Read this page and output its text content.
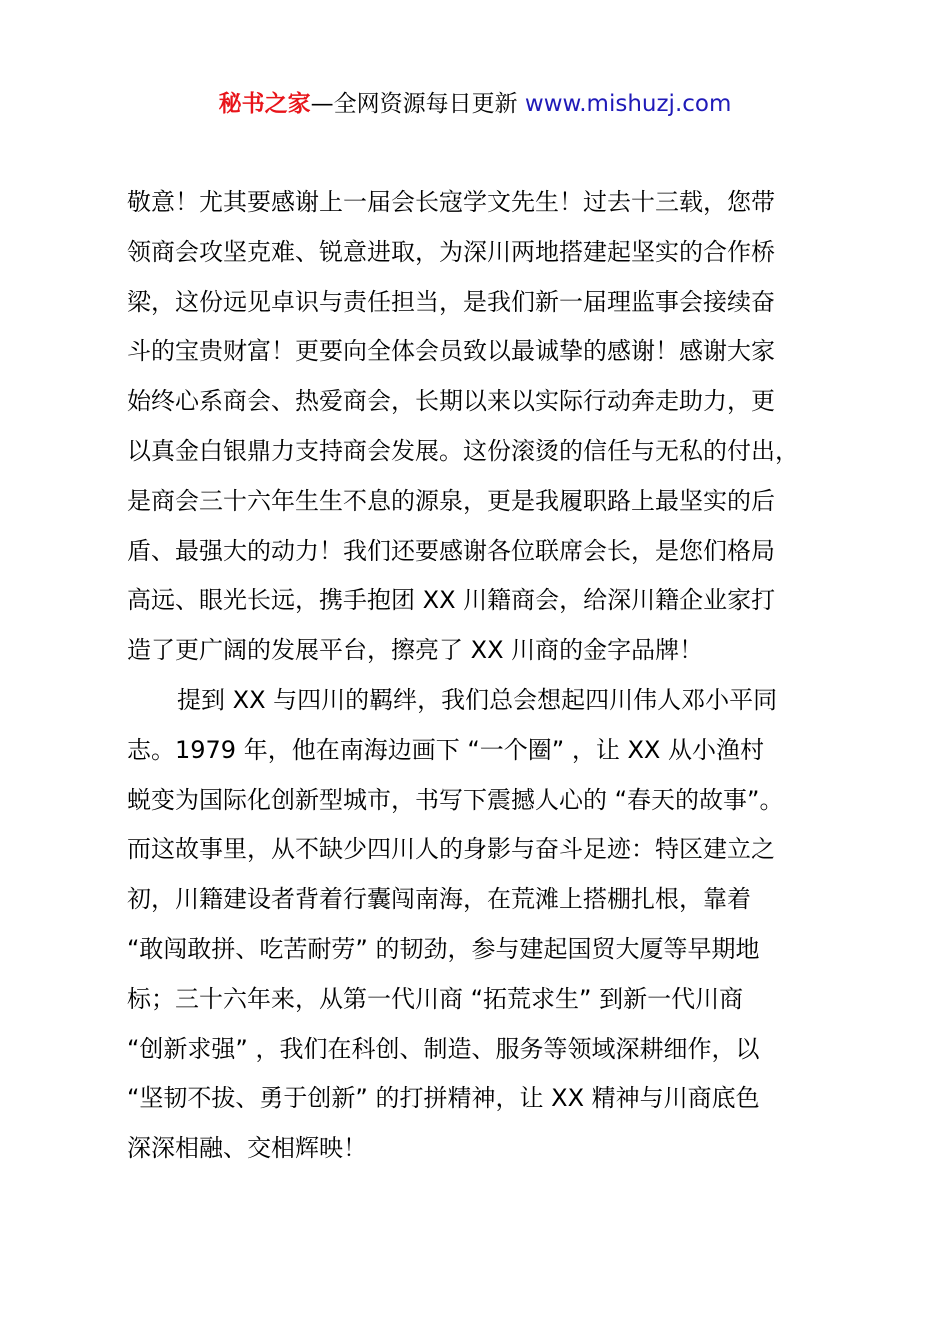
秘书之家—全网资源每日更新 www.mishuzj.com

敬意！尤其要感谢上一届会长寇学文先生！过去十三载，您带
领商会攻坚克难、锐意进取，为深川两地搭建起坚实的合作桥
梁，这份远见卓识与责任担当，是我们新一届理监事会接续奋
斗的宝贵财富！更要向全体会员致以最诚挚的感谢！感谢大家
始终心系商会、热爱商会，长期以来以实际行动奔走助力，更
以真金白银鼎力支持商会发展。这份滚烫的信任与无私的付出，
是商会三十六年生生不息的源泉，更是我履职路上最坚实的后
盾、最强大的动力！我们还要感谢各位联席会长，是您们格局
高远、眼光长远，携手抱团 XX 川籍商会，给深川籍企业家打
造了更广阔的发展平台，擦亮了 XX 川商的金字品牌！

提到 XX 与四川的羁绊，我们总会想起四川伟人邓小平同
志。1979 年，他在南海边画下 “一个圈” ，让 XX 从小渔村
蜕变为国际化创新型城市，书写下震撼人心的 “春天的故事”。
而这故事里，从不缺少四川人的身影与奋斗足迹：特区建立之
初，川籍建设者背着行囊闯南海，在荒滩上搭棚扎根，靠着
“敢闯敢拼、吃苦耐劳” 的韧劲，参与建起国贸大厦等早期地
标；三十六年来，从第一代川商 “拓荒求生” 到新一代川商
“创新求强” ，我们在科创、制造、服务等领域深耕细作，以
“坚韧不拔、勇于创新” 的打拼精神，让 XX 精神与川商底色
深深相融、交相辉映！
